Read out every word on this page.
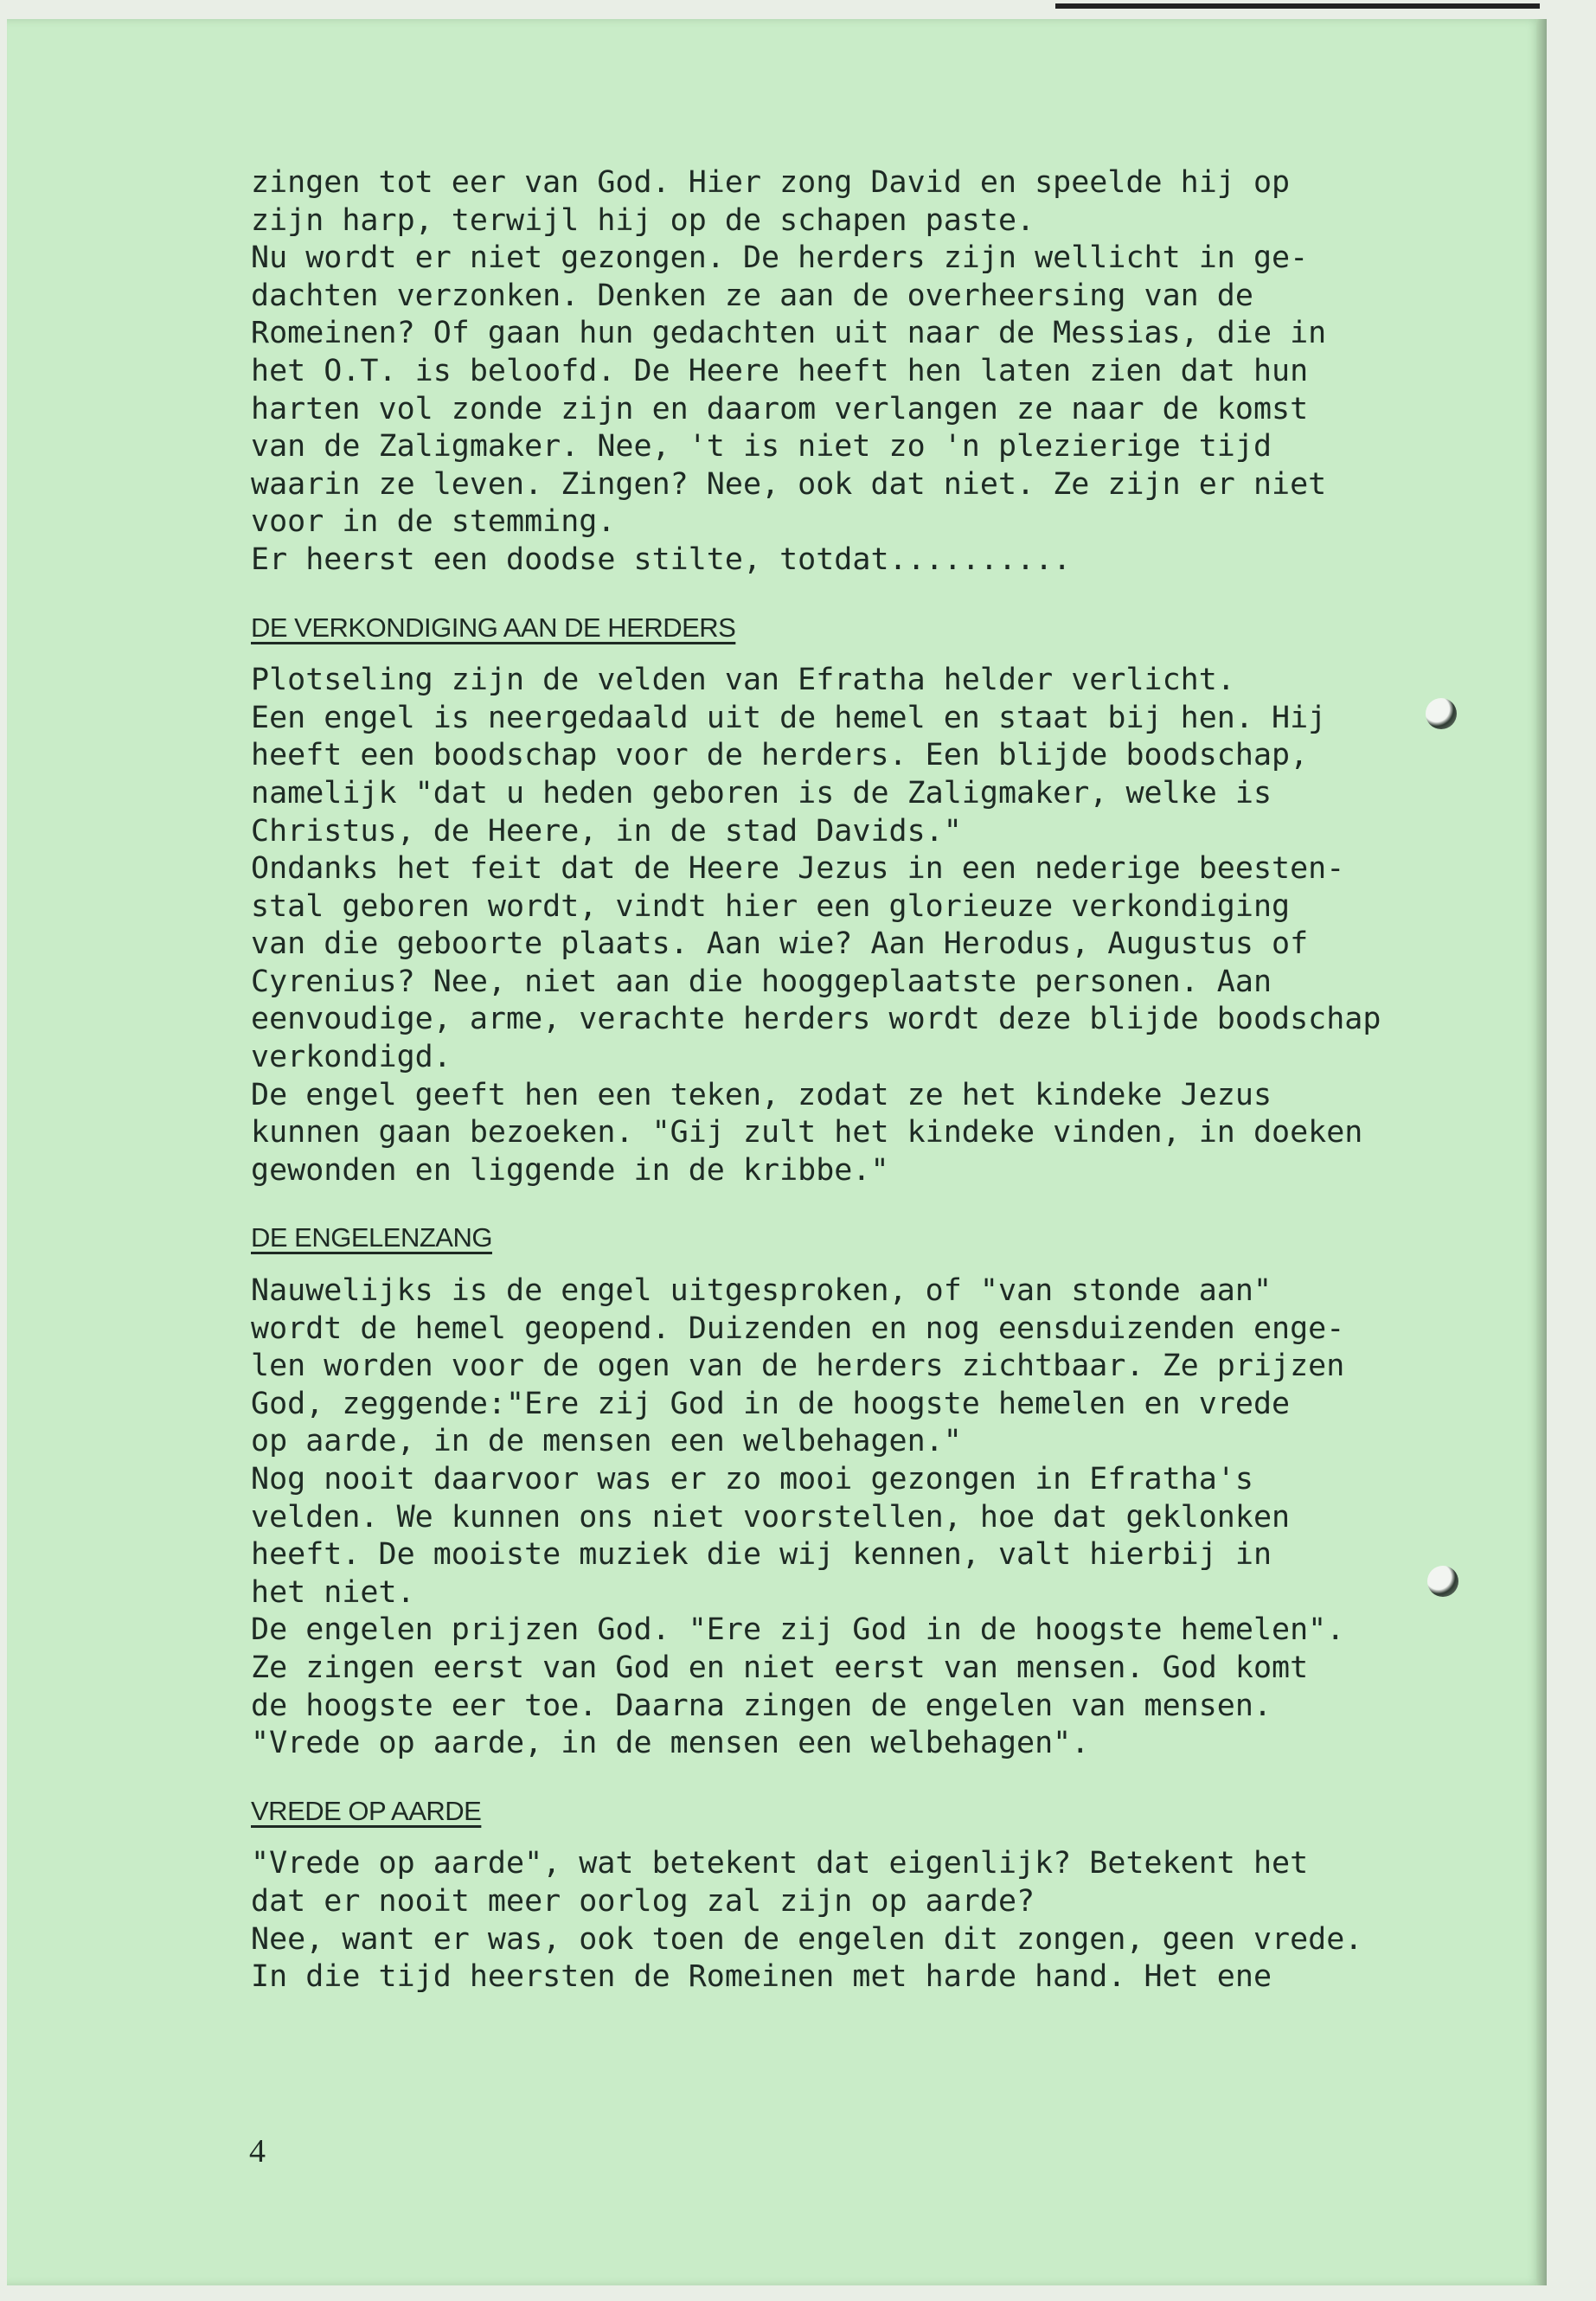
zingen tot eer van God. Hier zong David en speelde hij op
zijn harp, terwijl hij op de schapen paste.
Nu wordt er niet gezongen. De herders zijn wellicht in ge-
dachten verzonken. Denken ze aan de overheersing van de
Romeinen? Of gaan hun gedachten uit naar de Messias, die in
het O.T. is beloofd. De Heere heeft hen laten zien dat hun
harten vol zonde zijn en daarom verlangen ze naar de komst
van de Zaligmaker. Nee, 't is niet zo 'n plezierige tijd
waarin ze leven. Zingen? Nee, ook dat niet. Ze zijn er niet
voor in de stemming.
Er heerst een doodse stilte, totdat..........
DE VERKONDIGING AAN DE HERDERS
Plotseling zijn de velden van Efratha helder verlicht.
Een engel is neergedaald uit de hemel en staat bij hen. Hij
heeft een boodschap voor de herders. Een blijde boodschap,
namelijk "dat u heden geboren is de Zaligmaker, welke is
Christus, de Heere, in de stad Davids."
Ondanks het feit dat de Heere Jezus in een nederige beesten-
stal geboren wordt, vindt hier een glorieuze verkondiging
van die geboorte plaats. Aan wie? Aan Herodus, Augustus of
Cyrenius? Nee, niet aan die hooggeplaatste personen. Aan
eenvoudige, arme, verachte herders wordt deze blijde boodschap
verkondigd.
De engel geeft hen een teken, zodat ze het kindeke Jezus
kunnen gaan bezoeken. "Gij zult het kindeke vinden, in doeken
gewonden en liggende in de kribbe."
DE ENGELENZANG
Nauwelijks is de engel uitgesproken, of "van stonde aan"
wordt de hemel geopend. Duizenden en nog eensduizenden enge-
len worden voor de ogen van de herders zichtbaar. Ze prijzen
God, zeggende:"Ere zij God in de hoogste hemelen en vrede
op aarde, in de mensen een welbehagen."
Nog nooit daarvoor was er zo mooi gezongen in Efratha's
velden. We kunnen ons niet voorstellen, hoe dat geklonken
heeft. De mooiste muziek die wij kennen, valt hierbij in
het niet.
De engelen prijzen God. "Ere zij God in de hoogste hemelen".
Ze zingen eerst van God en niet eerst van mensen. God komt
de hoogste eer toe. Daarna zingen de engelen van mensen.
"Vrede op aarde, in de mensen een welbehagen".
VREDE OP AARDE
"Vrede op aarde", wat betekent dat eigenlijk? Betekent het
dat er nooit meer oorlog zal zijn op aarde?
Nee, want er was, ook toen de engelen dit zongen, geen vrede.
In die tijd heersten de Romeinen met harde hand. Het ene
4
